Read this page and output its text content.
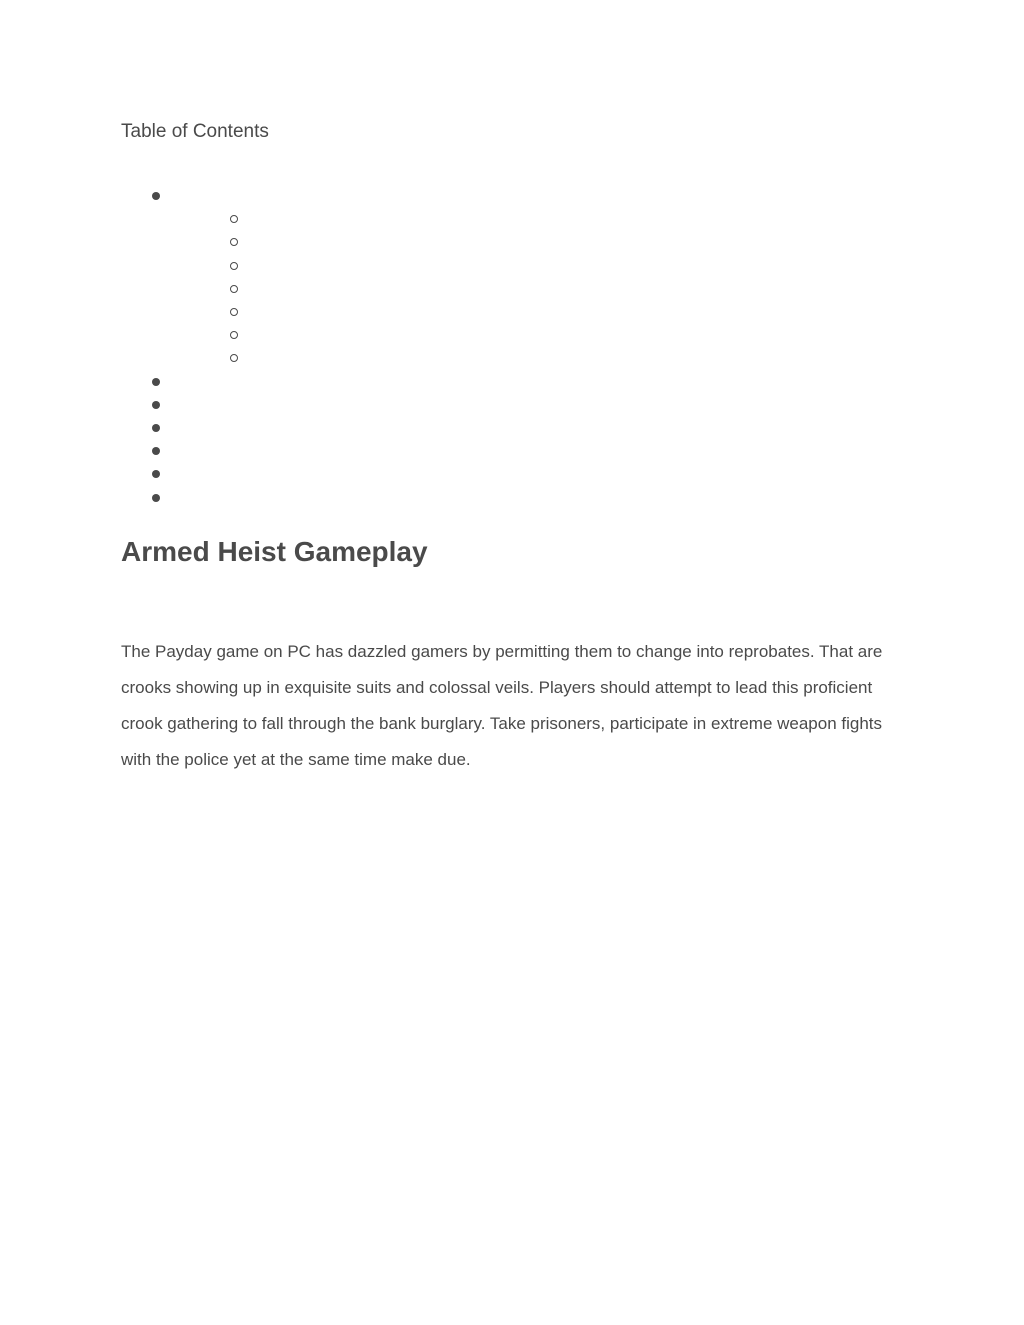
Table of Contents
Armed Heist Gameplay

The Payday game on PC has dazzled gamers by permitting them to change into reprobates. That are crooks showing up in exquisite suits and colossal veils. Players should attempt to lead this proficient crook gathering to fall through the bank burglary. Take prisoners, participate in extreme weapon fights with the police yet at the same time make due.
